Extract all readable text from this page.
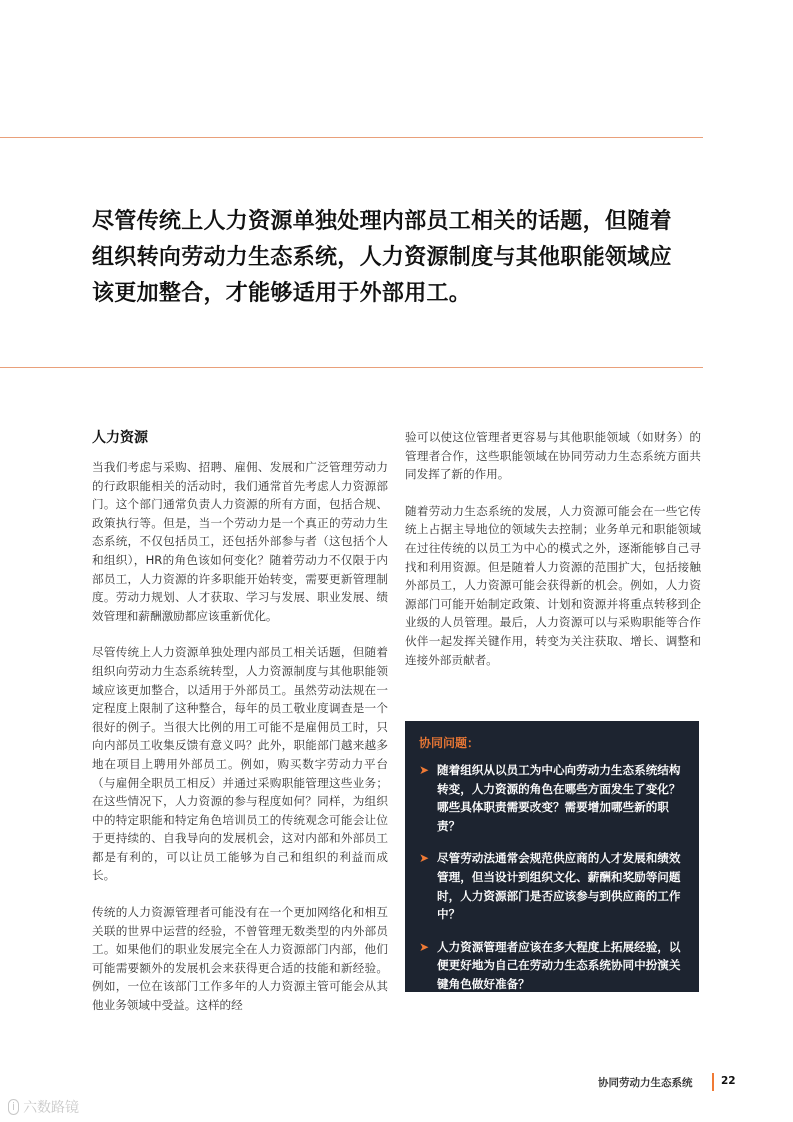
尽管传统上人力资源单独处理内部员工相关的话题，但随着组织转向劳动力生态系统，人力资源制度与其他职能领域应该更加整合，才能够适用于外部用工。
人力资源

当我们考虑与采购、招聘、雇佣、发展和广泛管理劳动力的行政职能相关的活动时，我们通常首先考虑人力资源部门。这个部门通常负责人力资源的所有方面，包括合规、政策执行等。但是，当一个劳动力是一个真正的劳动力生态系统，不仅包括员工，还包括外部参与者（这包括个人和组织），HR的角色该如何变化？随着劳动力不仅限于内部员工，人力资源的许多职能开始转变，需要更新管理制度。劳动力规划、人才获取、学习与发展、职业发展、绩效管理和薪酬激励都应该重新优化。

尽管传统上人力资源单独处理内部员工相关话题，但随着组织向劳动力生态系统转型，人力资源制度与其他职能领域应该更加整合，以适用于外部员工。虽然劳动法规在一定程度上限制了这种整合，每年的员工敬业度调查是一个很好的例子。当很大比例的用工可能不是雇佣员工时，只向内部员工收集反馈有意义吗？此外，职能部门越来越多地在项目上聘用外部员工。例如，购买数字劳动力平台（与雇佣全职员工相反）并通过采购职能管理这些业务；在这些情况下，人力资源的参与程度如何？同样，为组织中的特定职能和特定角色培训员工的传统观念可能会让位于更持续的、自我导向的发展机会，这对内部和外部员工都是有利的，可以让员工能够为自己和组织的利益而成长。

传统的人力资源管理者可能没有在一个更加网络化和相互关联的世界中运营的经验，不曾管理无数类型的内外部员工。如果他们的职业发展完全在人力资源部门内部，他们可能需要额外的发展机会来获得更合适的技能和新经验。例如，一位在该部门工作多年的人力资源主管可能会从其他业务领域中受益。这样的经

验可以使这位管理者更容易与其他职能领域（如财务）的管理者合作，这些职能领域在协同劳动力生态系统方面共同发挥了新的作用。

随着劳动力生态系统的发展，人力资源可能会在一些它传统上占据主导地位的领域失去控制；业务单元和职能领域在过往传统的以员工为中心的模式之外，逐渐能够自己寻找和利用资源。但是随着人力资源的范围扩大，包括接触外部员工，人力资源可能会获得新的机会。例如，人力资源部门可能开始制定政策、计划和资源并将重点转移到企业级的人员管理。最后，人力资源可以与采购职能等合作伙伴一起发挥关键作用，转变为关注获取、增长、调整和连接外部贡献者。

协同问题：
➤ 随着组织从以员工为中心向劳动力生态系统结构转变，人力资源的角色在哪些方面发生了变化？哪些具体职责需要改变？需要增加哪些新的职责？
➤ 尽管劳动法通常会规范供应商的人才发展和绩效管理，但当设计到组织文化、薪酬和奖励等问题时，人力资源部门是否应该参与到供应商的工作中？
➤ 人力资源管理者应该在多大程度上拓展经验，以便更好地为自己在劳动力生态系统协同中扮演关键角色做好准备？
协同劳动力生态系统	22
i 六数路镜
